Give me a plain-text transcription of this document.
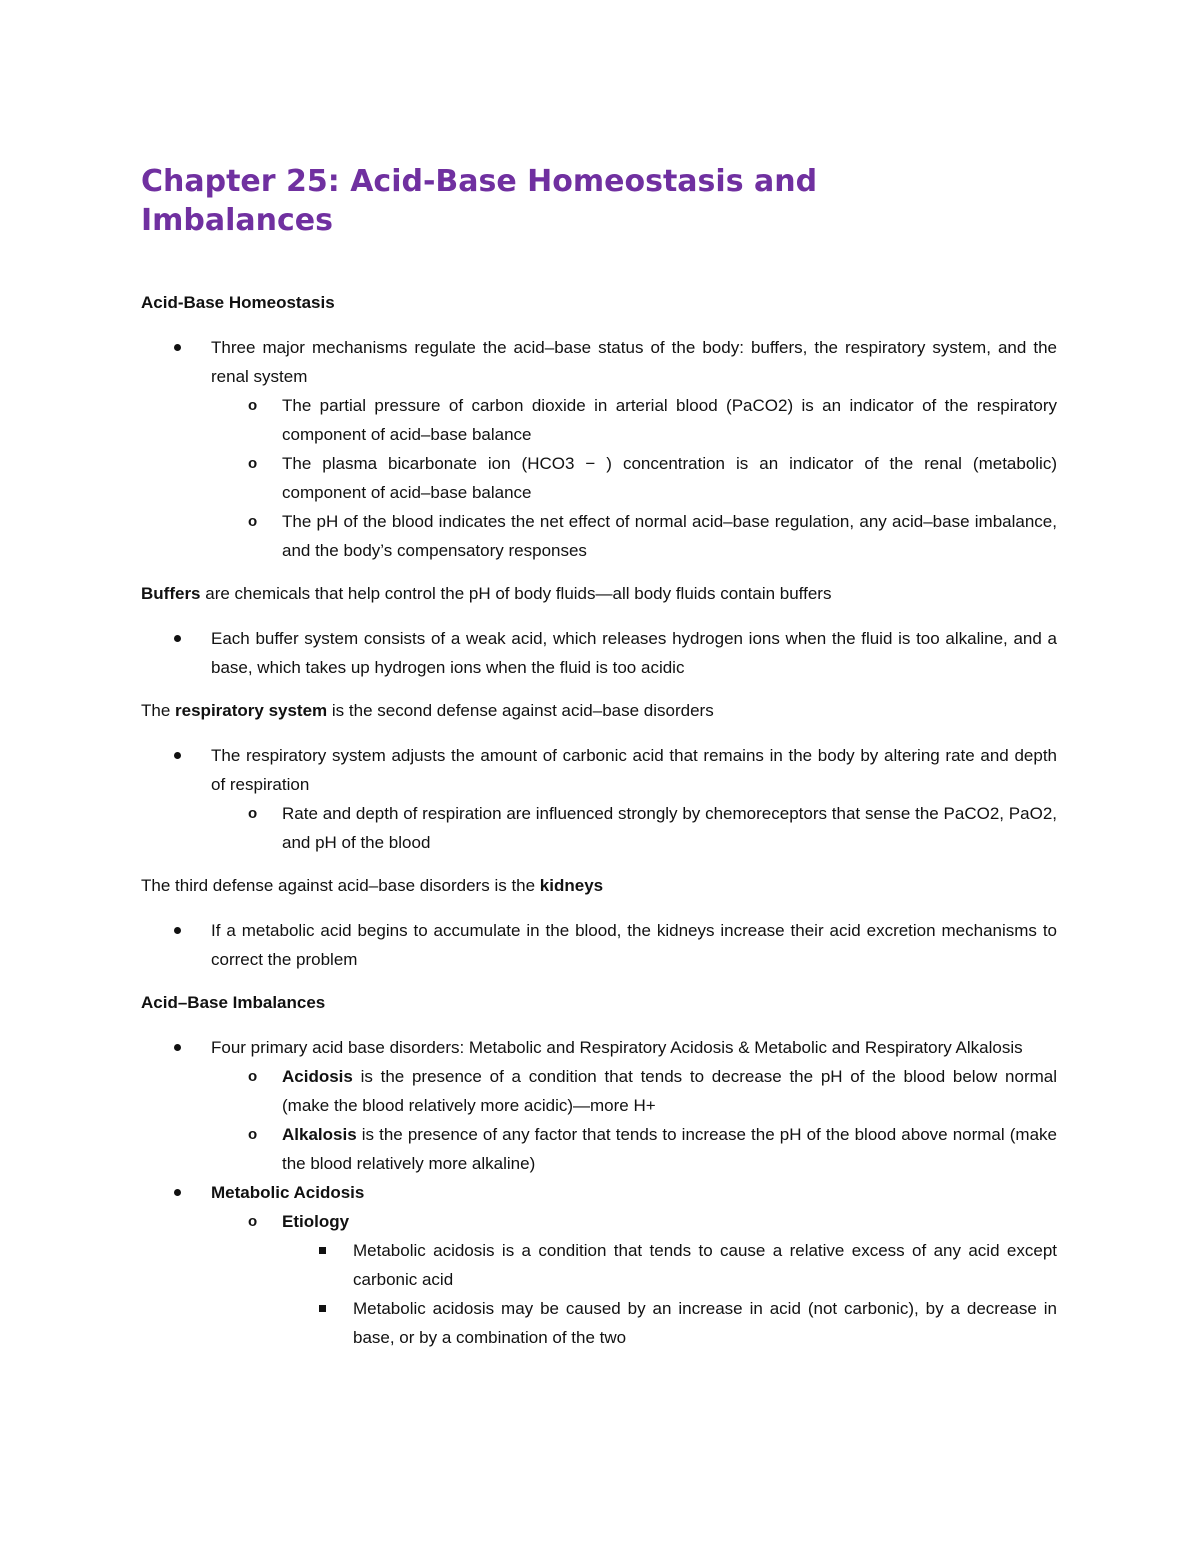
Chapter 25: Acid-Base Homeostasis and Imbalances

Acid-Base Homeostasis

Three major mechanisms regulate the acid–base status of the body: buffers, the respiratory system, and the renal system
o The partial pressure of carbon dioxide in arterial blood (PaCO2) is an indicator of the respiratory component of acid–base balance
o The plasma bicarbonate ion (HCO3 − ) concentration is an indicator of the renal (metabolic) component of acid–base balance
o The pH of the blood indicates the net effect of normal acid–base regulation, any acid–base imbalance, and the body’s compensatory responses

Buffers are chemicals that help control the pH of body fluids—all body fluids contain buffers

Each buffer system consists of a weak acid, which releases hydrogen ions when the fluid is too alkaline, and a base, which takes up hydrogen ions when the fluid is too acidic

The respiratory system is the second defense against acid–base disorders

The respiratory system adjusts the amount of carbonic acid that remains in the body by altering rate and depth of respiration
o Rate and depth of respiration are influenced strongly by chemoreceptors that sense the PaCO2, PaO2, and pH of the blood

The third defense against acid–base disorders is the kidneys

If a metabolic acid begins to accumulate in the blood, the kidneys increase their acid excretion mechanisms to correct the problem

Acid–Base Imbalances

Four primary acid base disorders: Metabolic and Respiratory Acidosis & Metabolic and Respiratory Alkalosis
o Acidosis is the presence of a condition that tends to decrease the pH of the blood below normal (make the blood relatively more acidic)—more H+
o Alkalosis is the presence of any factor that tends to increase the pH of the blood above normal (make the blood relatively more alkaline)
Metabolic Acidosis
o Etiology
Metabolic acidosis is a condition that tends to cause a relative excess of any acid except carbonic acid
Metabolic acidosis may be caused by an increase in acid (not carbonic), by a decrease in base, or by a combination of the two
